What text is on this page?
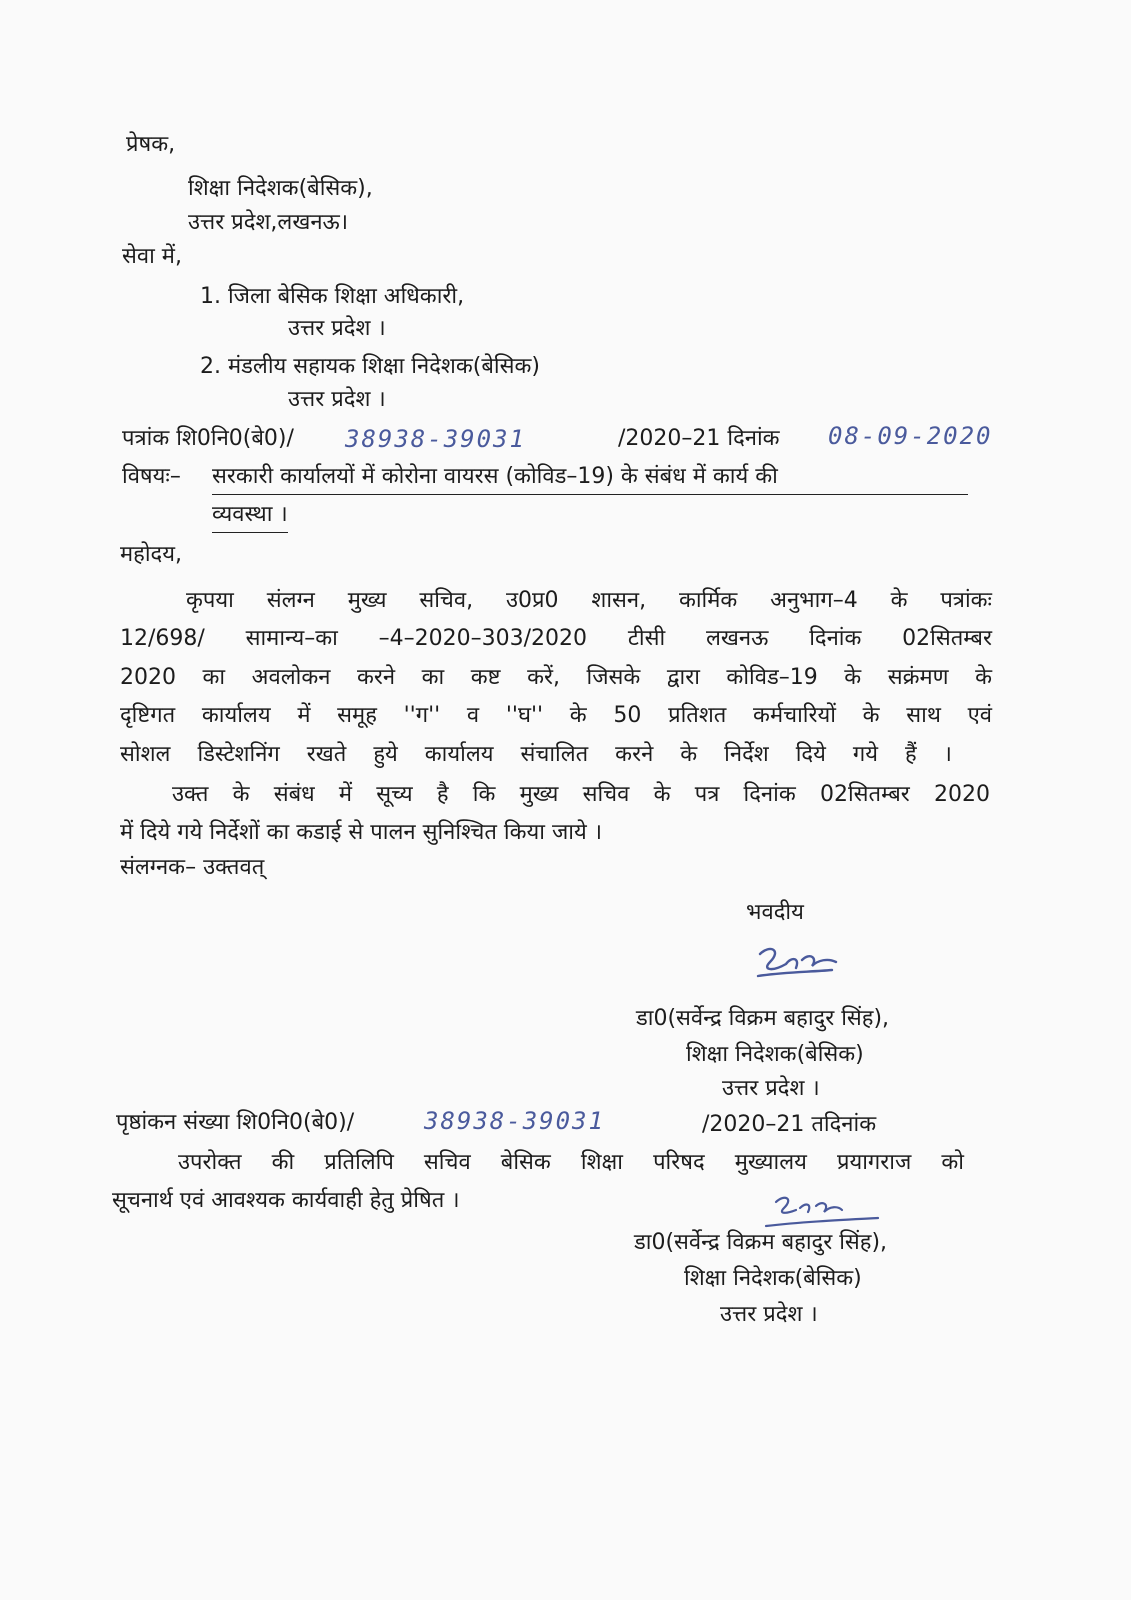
प्रेषक,
शिक्षा निदेशक(बेसिक),
उत्तर प्रदेश,लखनऊ।
सेवा में,
1. जिला बेसिक शिक्षा अधिकारी,
उत्तर प्रदेश ।
2. मंडलीय सहायक शिक्षा निदेशक(बेसिक)
उत्तर प्रदेश ।
पत्रांक शि0नि0(बे0)/ 38938-39031	/2020–21 दिनांक 08-09-2020
विषयः– सरकारी कार्यालयों में कोरोना वायरस (कोविड–19) के संबंध में कार्य की
व्यवस्था ।
महोदय,
कृपया संलग्न मुख्य सचिव, उ0प्र0 शासन, कार्मिक अनुभाग–4 के पत्रांकः
12/698/ सामान्य–का –4–2020–303/2020 टीसी लखनऊ दिनांक 02सितम्बर
2020 का अवलोकन करने का कष्ट करें, जिसके द्वारा कोविड–19 के सक्रंमण के
दृष्टिगत कार्यालय में समूह ''ग'' व ''घ'' के 50 प्रतिशत कर्मचारियों के साथ एवं
सोशल डिस्टेशनिंग रखते हुये कार्यालय संचालित करने के निर्देश दिये गये हैं ।
उक्त के संबंध में सूच्य है कि मुख्य सचिव के पत्र दिनांक 02सितम्बर 2020
में दिये गये निर्देशों का कडाई से पालन सुनिश्चित किया जाये ।
संलग्नक– उक्तवत्
भवदीय
डा0(सर्वेन्द्र विक्रम बहादुर सिंह),
शिक्षा निदेशक(बेसिक)
उत्तर प्रदेश ।
पृष्ठांकन संख्या शि0नि0(बे0)/	38938-39031	/2020–21 तदिनांक
उपरोक्त की प्रतिलिपि सचिव बेसिक शिक्षा परिषद मुख्यालय प्रयागराज को
सूचनार्थ एवं आवश्यक कार्यवाही हेतु प्रेषित ।
डा0(सर्वेन्द्र विक्रम बहादुर सिंह),
शिक्षा निदेशक(बेसिक)
उत्तर प्रदेश ।
